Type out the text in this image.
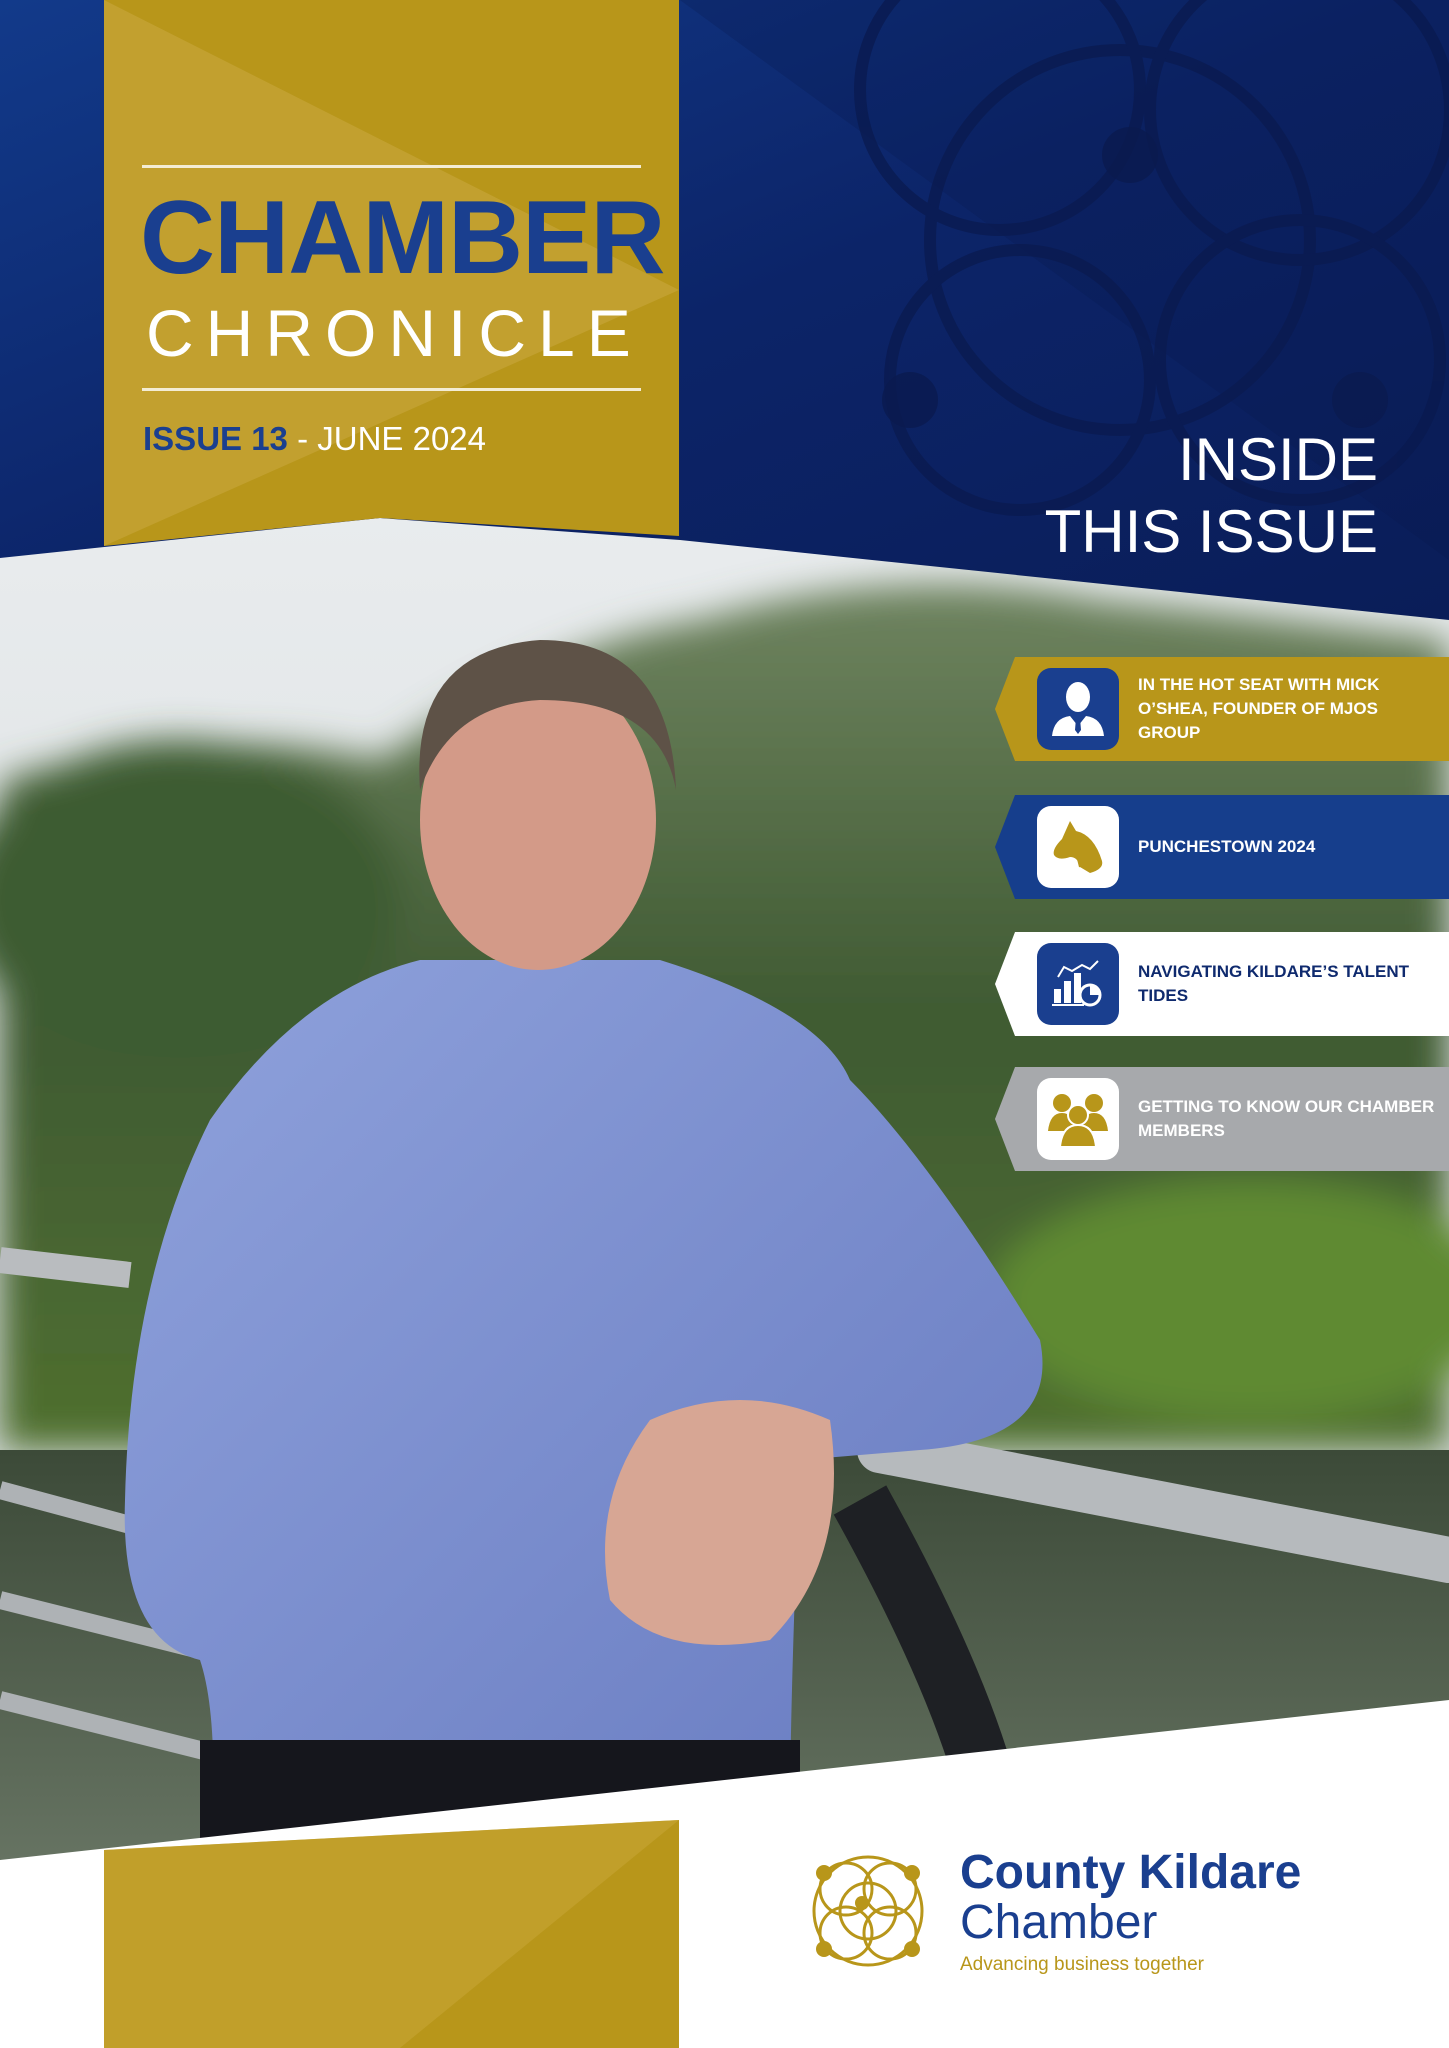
CHAMBER
CHRONICLE
ISSUE 13 - JUNE 2024	INSIDE
THIS ISSUE
IN THE HOT SEAT WITH MICK O’SHEA, FOUNDER OF MJOS GROUP
PUNCHESTOWN 2024
NAVIGATING KILDARE’S TALENT TIDES
GETTING TO KNOW OUR CHAMBER MEMBERS
County Kildare
Chamber
Advancing business together
